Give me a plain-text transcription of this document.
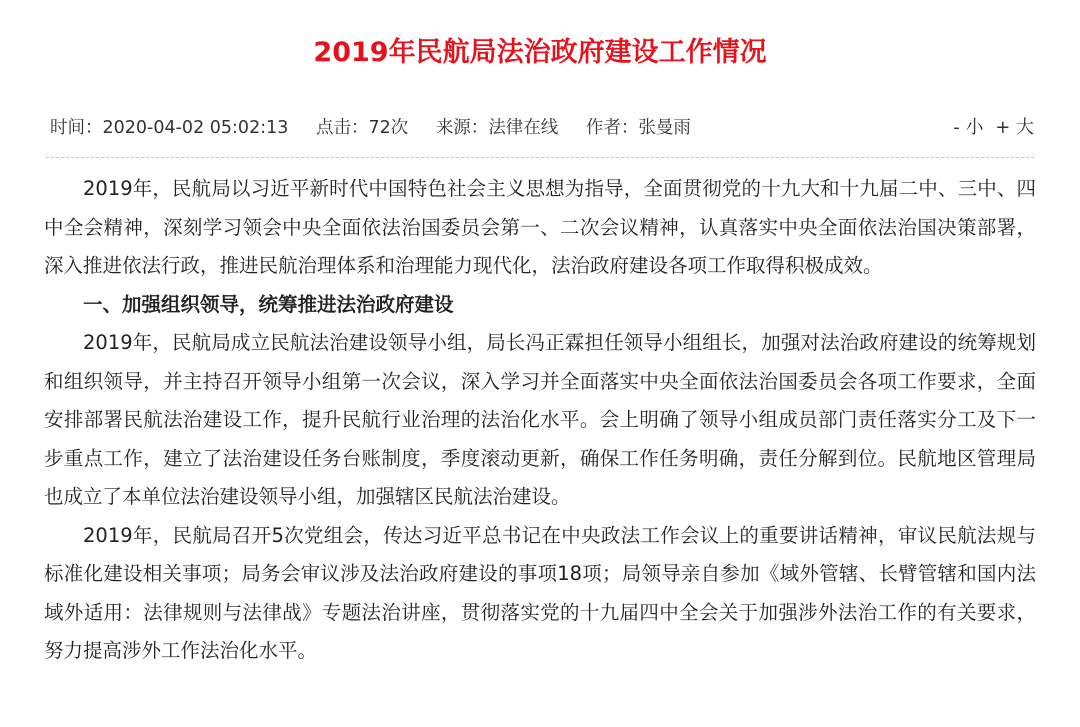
2019年民航局法治政府建设工作情况
时间：2020-04-02 05:02:13 点击：72次 来源：法律在线 作者：张曼雨	- 小 + 大

2019年，民航局以习近平新时代中国特色社会主义思想为指导，全面贯彻党的十九大和十九届二中、三中、四中全会精神，深刻学习领会中央全面依法治国委员会第一、二次会议精神，认真落实中央全面依法治国决策部署，深入推进依法行政，推进民航治理体系和治理能力现代化，法治政府建设各项工作取得积极成效。

一、加强组织领导，统筹推进法治政府建设

2019年，民航局成立民航法治建设领导小组，局长冯正霖担任领导小组组长，加强对法治政府建设的统筹规划和组织领导，并主持召开领导小组第一次会议，深入学习并全面落实中央全面依法治国委员会各项工作要求，全面安排部署民航法治建设工作，提升民航行业治理的法治化水平。会上明确了领导小组成员部门责任落实分工及下一步重点工作，建立了法治建设任务台账制度，季度滚动更新，确保工作任务明确，责任分解到位。民航地区管理局也成立了本单位法治建设领导小组，加强辖区民航法治建设。

2019年，民航局召开5次党组会，传达习近平总书记在中央政法工作会议上的重要讲话精神，审议民航法规与标准化建设相关事项；局务会审议涉及法治政府建设的事项18项；局领导亲自参加《域外管辖、长臂管辖和国内法域外适用：法律规则与法律战》专题法治讲座，贯彻落实党的十九届四中全会关于加强涉外法治工作的有关要求，努力提高涉外工作法治化水平。
